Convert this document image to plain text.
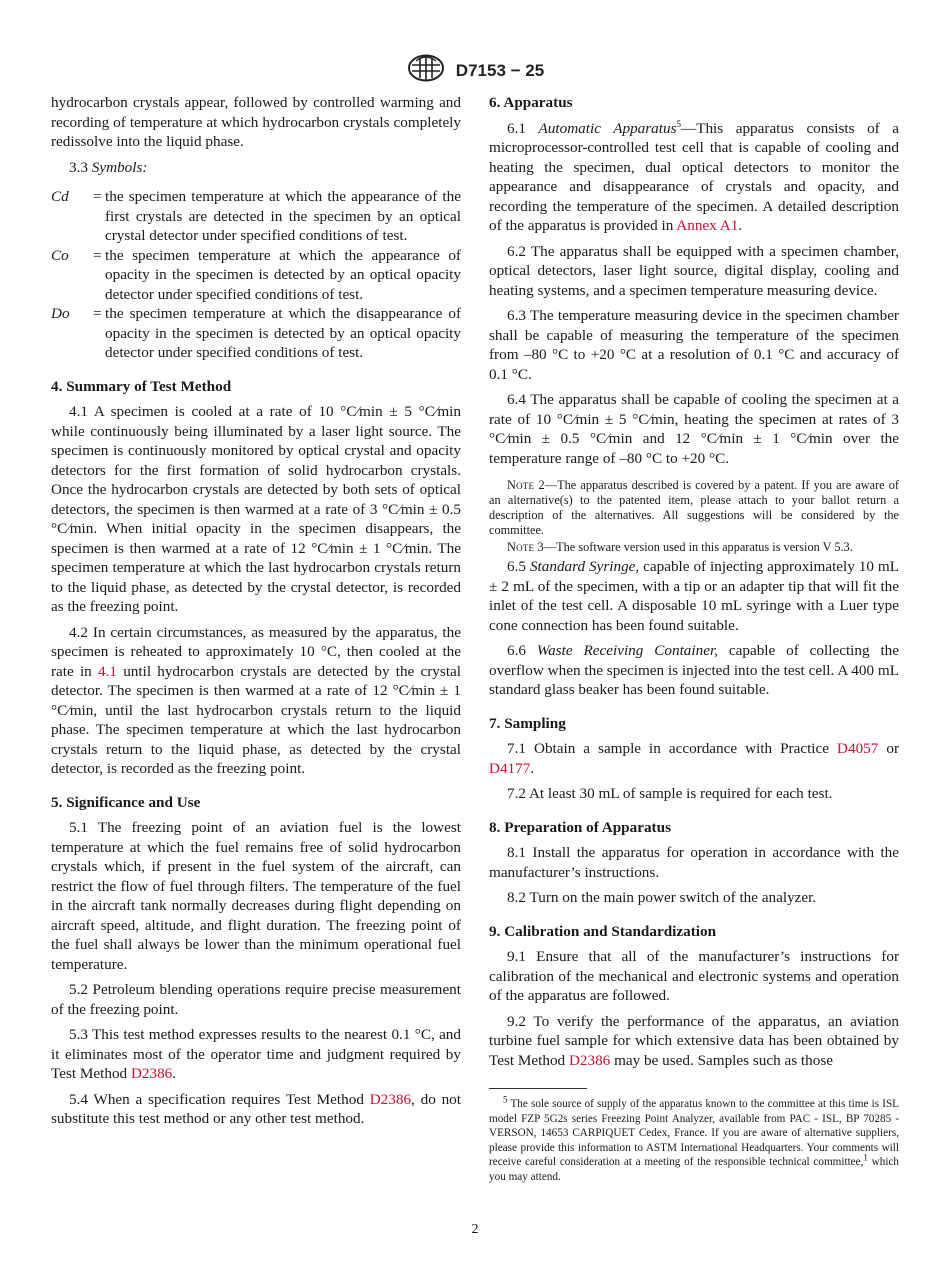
D7153 − 25

hydrocarbon crystals appear, followed by controlled warming and recording of temperature at which hydrocarbon crystals completely redissolve into the liquid phase.

3.3 Symbols:

Cd	= the specimen temperature at which the appearance of the first crystals are detected in the specimen by an optical crystal detector under specified conditions of test.
Co	= the specimen temperature at which the appearance of opacity in the specimen is detected by an optical opacity detector under specified conditions of test.
Do	= the specimen temperature at which the disappearance of opacity in the specimen is detected by an optical opacity detector under specified conditions of test.
4. Summary of Test Method

4.1 A specimen is cooled at a rate of 10 °C⁄min ± 5 °C⁄min while continuously being illuminated by a laser light source. The specimen is continuously monitored by optical crystal and opacity detectors for the first formation of solid hydrocarbon crystals. Once the hydrocarbon crystals are detected by both sets of optical detectors, the specimen is then warmed at a rate of 3 °C⁄min ± 0.5 °C⁄min. When initial opacity in the specimen disappears, the specimen is then warmed at a rate of 12 °C⁄min ± 1 °C⁄min. The specimen temperature at which the last hydrocarbon crystals return to the liquid phase, as detected by the crystal detector, is recorded as the freezing point.

4.2 In certain circumstances, as measured by the apparatus, the specimen is reheated to approximately 10 °C, then cooled at the rate in 4.1 until hydrocarbon crystals are detected by the crystal detector. The specimen is then warmed at a rate of 12 °C⁄min ± 1 °C⁄min, until the last hydrocarbon crystals return to the liquid phase. The specimen temperature at which the last hydrocarbon crystals return to the liquid phase, as detected by the crystal detector, is recorded as the freezing point.

5. Significance and Use

5.1 The freezing point of an aviation fuel is the lowest temperature at which the fuel remains free of solid hydrocarbon crystals which, if present in the fuel system of the aircraft, can restrict the flow of fuel through filters. The temperature of the fuel in the aircraft tank normally decreases during flight depending on aircraft speed, altitude, and flight duration. The freezing point of the fuel shall always be lower than the minimum operational fuel temperature.

5.2 Petroleum blending operations require precise measurement of the freezing point.

5.3 This test method expresses results to the nearest 0.1 °C, and it eliminates most of the operator time and judgment required by Test Method D2386.

5.4 When a specification requires Test Method D2386, do not substitute this test method or any other test method.

6. Apparatus

6.1 Automatic Apparatus$^5$—This apparatus consists of a microprocessor-controlled test cell that is capable of cooling and heating the specimen, dual optical detectors to monitor the appearance and disappearance of crystals and opacity, and recording the temperature of the specimen. A detailed description of the apparatus is provided in Annex A1.

6.2 The apparatus shall be equipped with a specimen chamber, optical detectors, laser light source, digital display, cooling and heating systems, and a specimen temperature measuring device.

6.3 The temperature measuring device in the specimen chamber shall be capable of measuring the temperature of the specimen from –80 °C to +20 °C at a resolution of 0.1 °C and accuracy of 0.1 °C.

6.4 The apparatus shall be capable of cooling the specimen at a rate of 10 °C⁄min ± 5 °C⁄min, heating the specimen at rates of 3 °C⁄min ± 0.5 °C⁄min and 12 °C⁄min ± 1 °C⁄min over the temperature range of –80 °C to +20 °C.

Note 2—The apparatus described is covered by a patent. If you are aware of an alternative(s) to the patented item, please attach to your ballot return a description of the alternatives. All suggestions will be considered by the committee.

Note 3—The software version used in this apparatus is version V 5.3.

6.5 Standard Syringe, capable of injecting approximately 10 mL ± 2 mL of the specimen, with a tip or an adapter tip that will fit the inlet of the test cell. A disposable 10 mL syringe with a Luer type cone connection has been found suitable.

6.6 Waste Receiving Container, capable of collecting the overflow when the specimen is injected into the test cell. A 400 mL standard glass beaker has been found suitable.

7. Sampling

7.1 Obtain a sample in accordance with Practice D4057 or D4177.

7.2 At least 30 mL of sample is required for each test.

8. Preparation of Apparatus

8.1 Install the apparatus for operation in accordance with the manufacturer’s instructions.

8.2 Turn on the main power switch of the analyzer.

9. Calibration and Standardization

9.1 Ensure that all of the manufacturer’s instructions for calibration of the mechanical and electronic systems and operation of the apparatus are followed.

9.2 To verify the performance of the apparatus, an aviation turbine fuel sample for which extensive data has been obtained by Test Method D2386 may be used. Samples such as those

$^5$ The sole source of supply of the apparatus known to the committee at this time is ISL model FZP 5G2s series Freezing Point Analyzer, available from PAC - ISL, BP 70285 - VERSON, 14653 CARPIQUET Cedex, France. If you are aware of alternative suppliers, please provide this information to ASTM International Headquarters. Your comments will receive careful consideration at a meeting of the responsible technical committee,$^1$ which you may attend.

2
